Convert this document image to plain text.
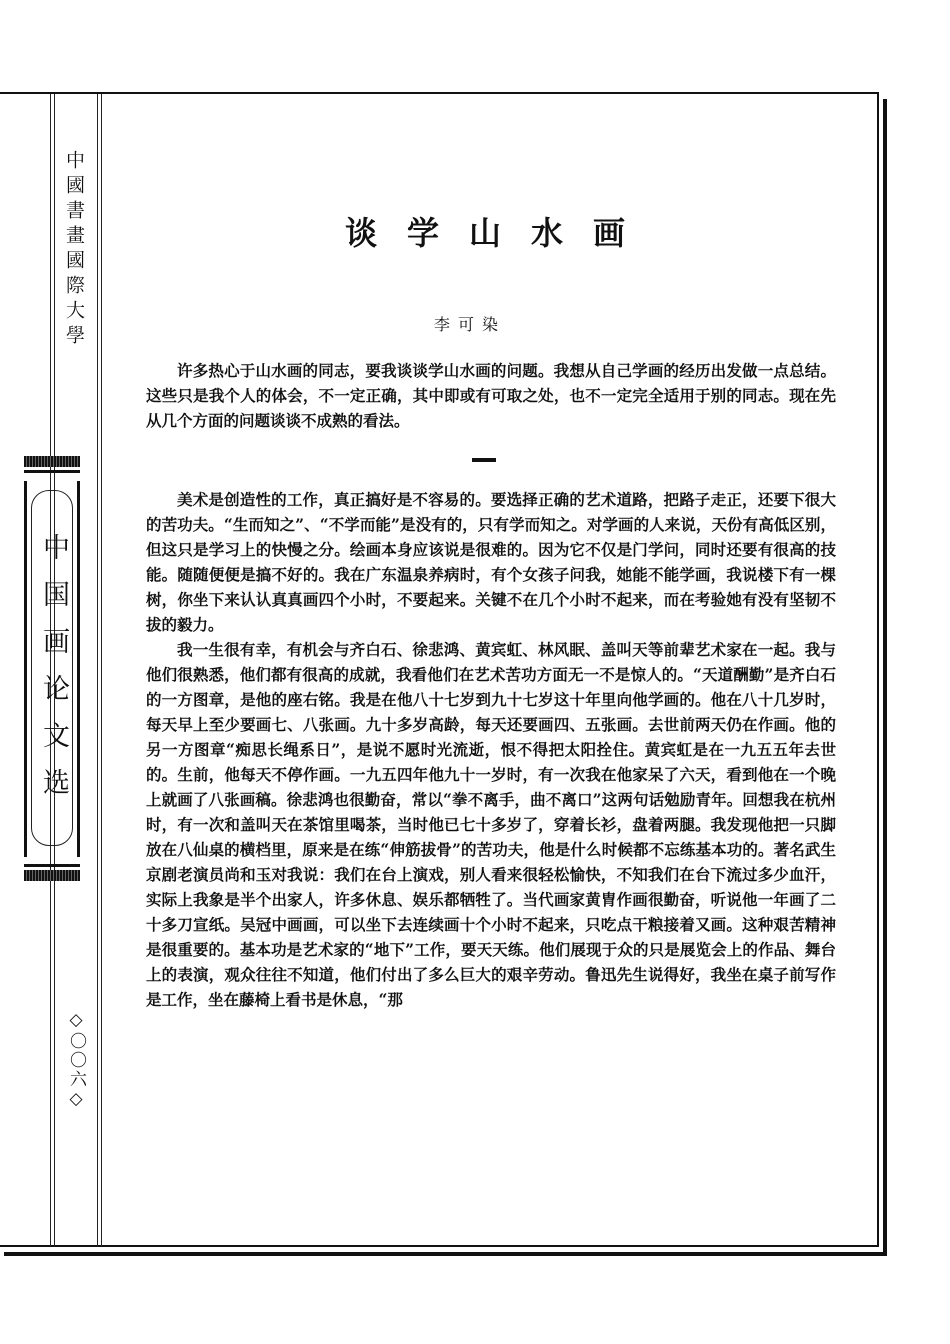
中國書畫國際大學
中国画论文选
◇〇〇六◇
谈学山水画
李可染

许多热心于山水画的同志，要我谈谈学山水画的问题。我想从自己学画的经历出发做一点总结。这些只是我个人的体会，不一定正确，其中即或有可取之处，也不一定完全适用于别的同志。现在先从几个方面的问题谈谈不成熟的看法。

美术是创造性的工作，真正搞好是不容易的。要选择正确的艺术道路，把路子走正，还要下很大的苦功夫。“生而知之”、“不学而能”是没有的，只有学而知之。对学画的人来说，天份有高低区别，但这只是学习上的快慢之分。绘画本身应该说是很难的。因为它不仅是门学问，同时还要有很高的技能。随随便便是搞不好的。我在广东温泉养病时，有个女孩子问我，她能不能学画，我说楼下有一棵树，你坐下来认认真真画四个小时，不要起来。关键不在几个小时不起来，而在考验她有没有坚韧不拔的毅力。

我一生很有幸，有机会与齐白石、徐悲鸿、黄宾虹、林风眠、盖叫天等前辈艺术家在一起。我与他们很熟悉，他们都有很高的成就，我看他们在艺术苦功方面无一不是惊人的。“天道酬勤”是齐白石的一方图章，是他的座右铭。我是在他八十七岁到九十七岁这十年里向他学画的。他在八十几岁时，每天早上至少要画七、八张画。九十多岁高龄，每天还要画四、五张画。去世前两天仍在作画。他的另一方图章“痴思长绳系日”，是说不愿时光流逝，恨不得把太阳拴住。黄宾虹是在一九五五年去世的。生前，他每天不停作画。一九五四年他九十一岁时，有一次我在他家呆了六天，看到他在一个晚上就画了八张画稿。徐悲鸿也很勤奋，常以“拳不离手，曲不离口”这两句话勉励青年。回想我在杭州时，有一次和盖叫天在茶馆里喝茶，当时他已七十多岁了，穿着长衫，盘着两腿。我发现他把一只脚放在八仙桌的横档里，原来是在练“伸筋拔骨”的苦功夫，他是什么时候都不忘练基本功的。著名武生京剧老演员尚和玉对我说：我们在台上演戏，别人看来很轻松愉快，不知我们在台下流过多少血汗，实际上我象是半个出家人，许多休息、娱乐都牺牲了。当代画家黄胄作画很勤奋，听说他一年画了二十多刀宣纸。吴冠中画画，可以坐下去连续画十个小时不起来，只吃点干粮接着又画。这种艰苦精神是很重要的。基本功是艺术家的“地下”工作，要天天练。他们展现于众的只是展览会上的作品、舞台上的表演，观众往往不知道，他们付出了多么巨大的艰辛劳动。鲁迅先生说得好，我坐在桌子前写作是工作，坐在藤椅上看书是休息，“那
